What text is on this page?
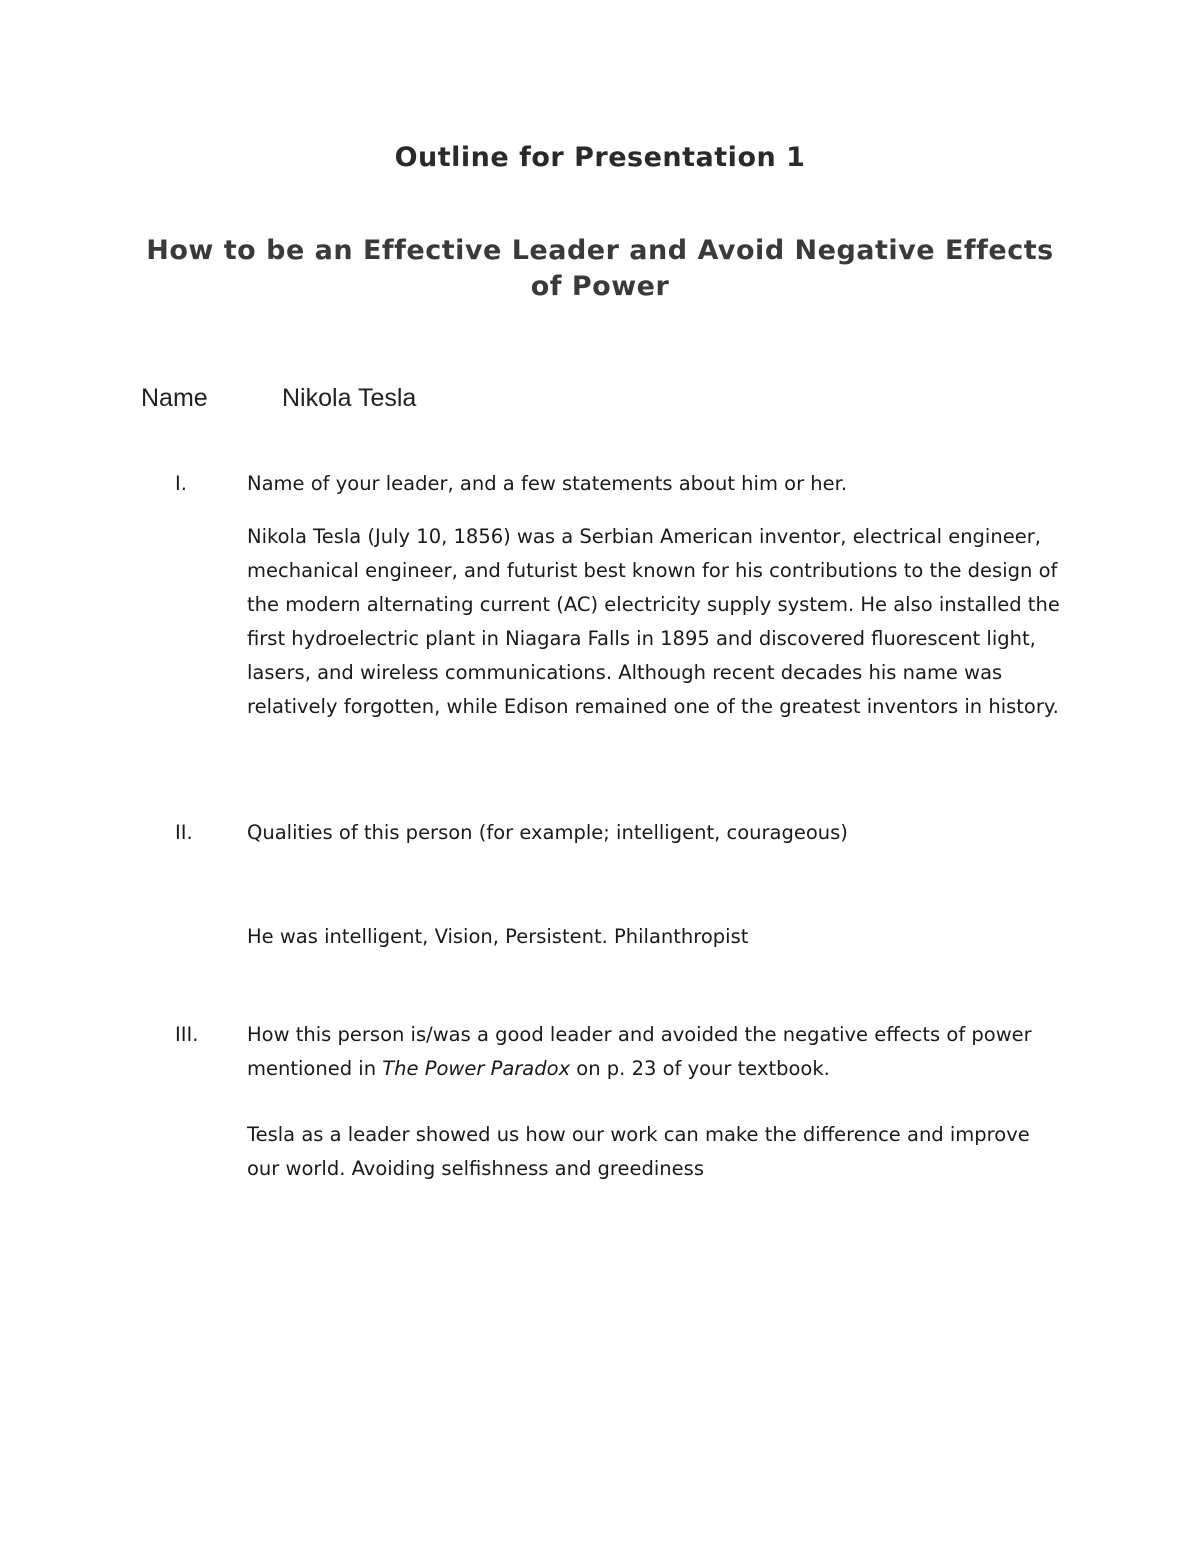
Outline for Presentation 1
How to be an Effective Leader and Avoid Negative Effects of Power
Name	Nikola Tesla
I.	Name of your leader, and a few statements about him or her.
Nikola Tesla (July 10, 1856) was a Serbian American inventor, electrical engineer, mechanical engineer, and futurist best known for his contributions to the design of the modern alternating current (AC) electricity supply system. He also installed the first hydroelectric plant in Niagara Falls in 1895 and discovered fluorescent light, lasers, and wireless communications. Although recent decades his name was relatively forgotten, while Edison remained one of the greatest inventors in history.
II.	Qualities of this person (for example; intelligent, courageous)
He was intelligent, Vision, Persistent. Philanthropist
III. How this person is/was a good leader and avoided the negative effects of power mentioned in The Power Paradox on p. 23 of your textbook.
Tesla as a leader showed us how our work can make the difference and improve our world. Avoiding selfishness and greediness
